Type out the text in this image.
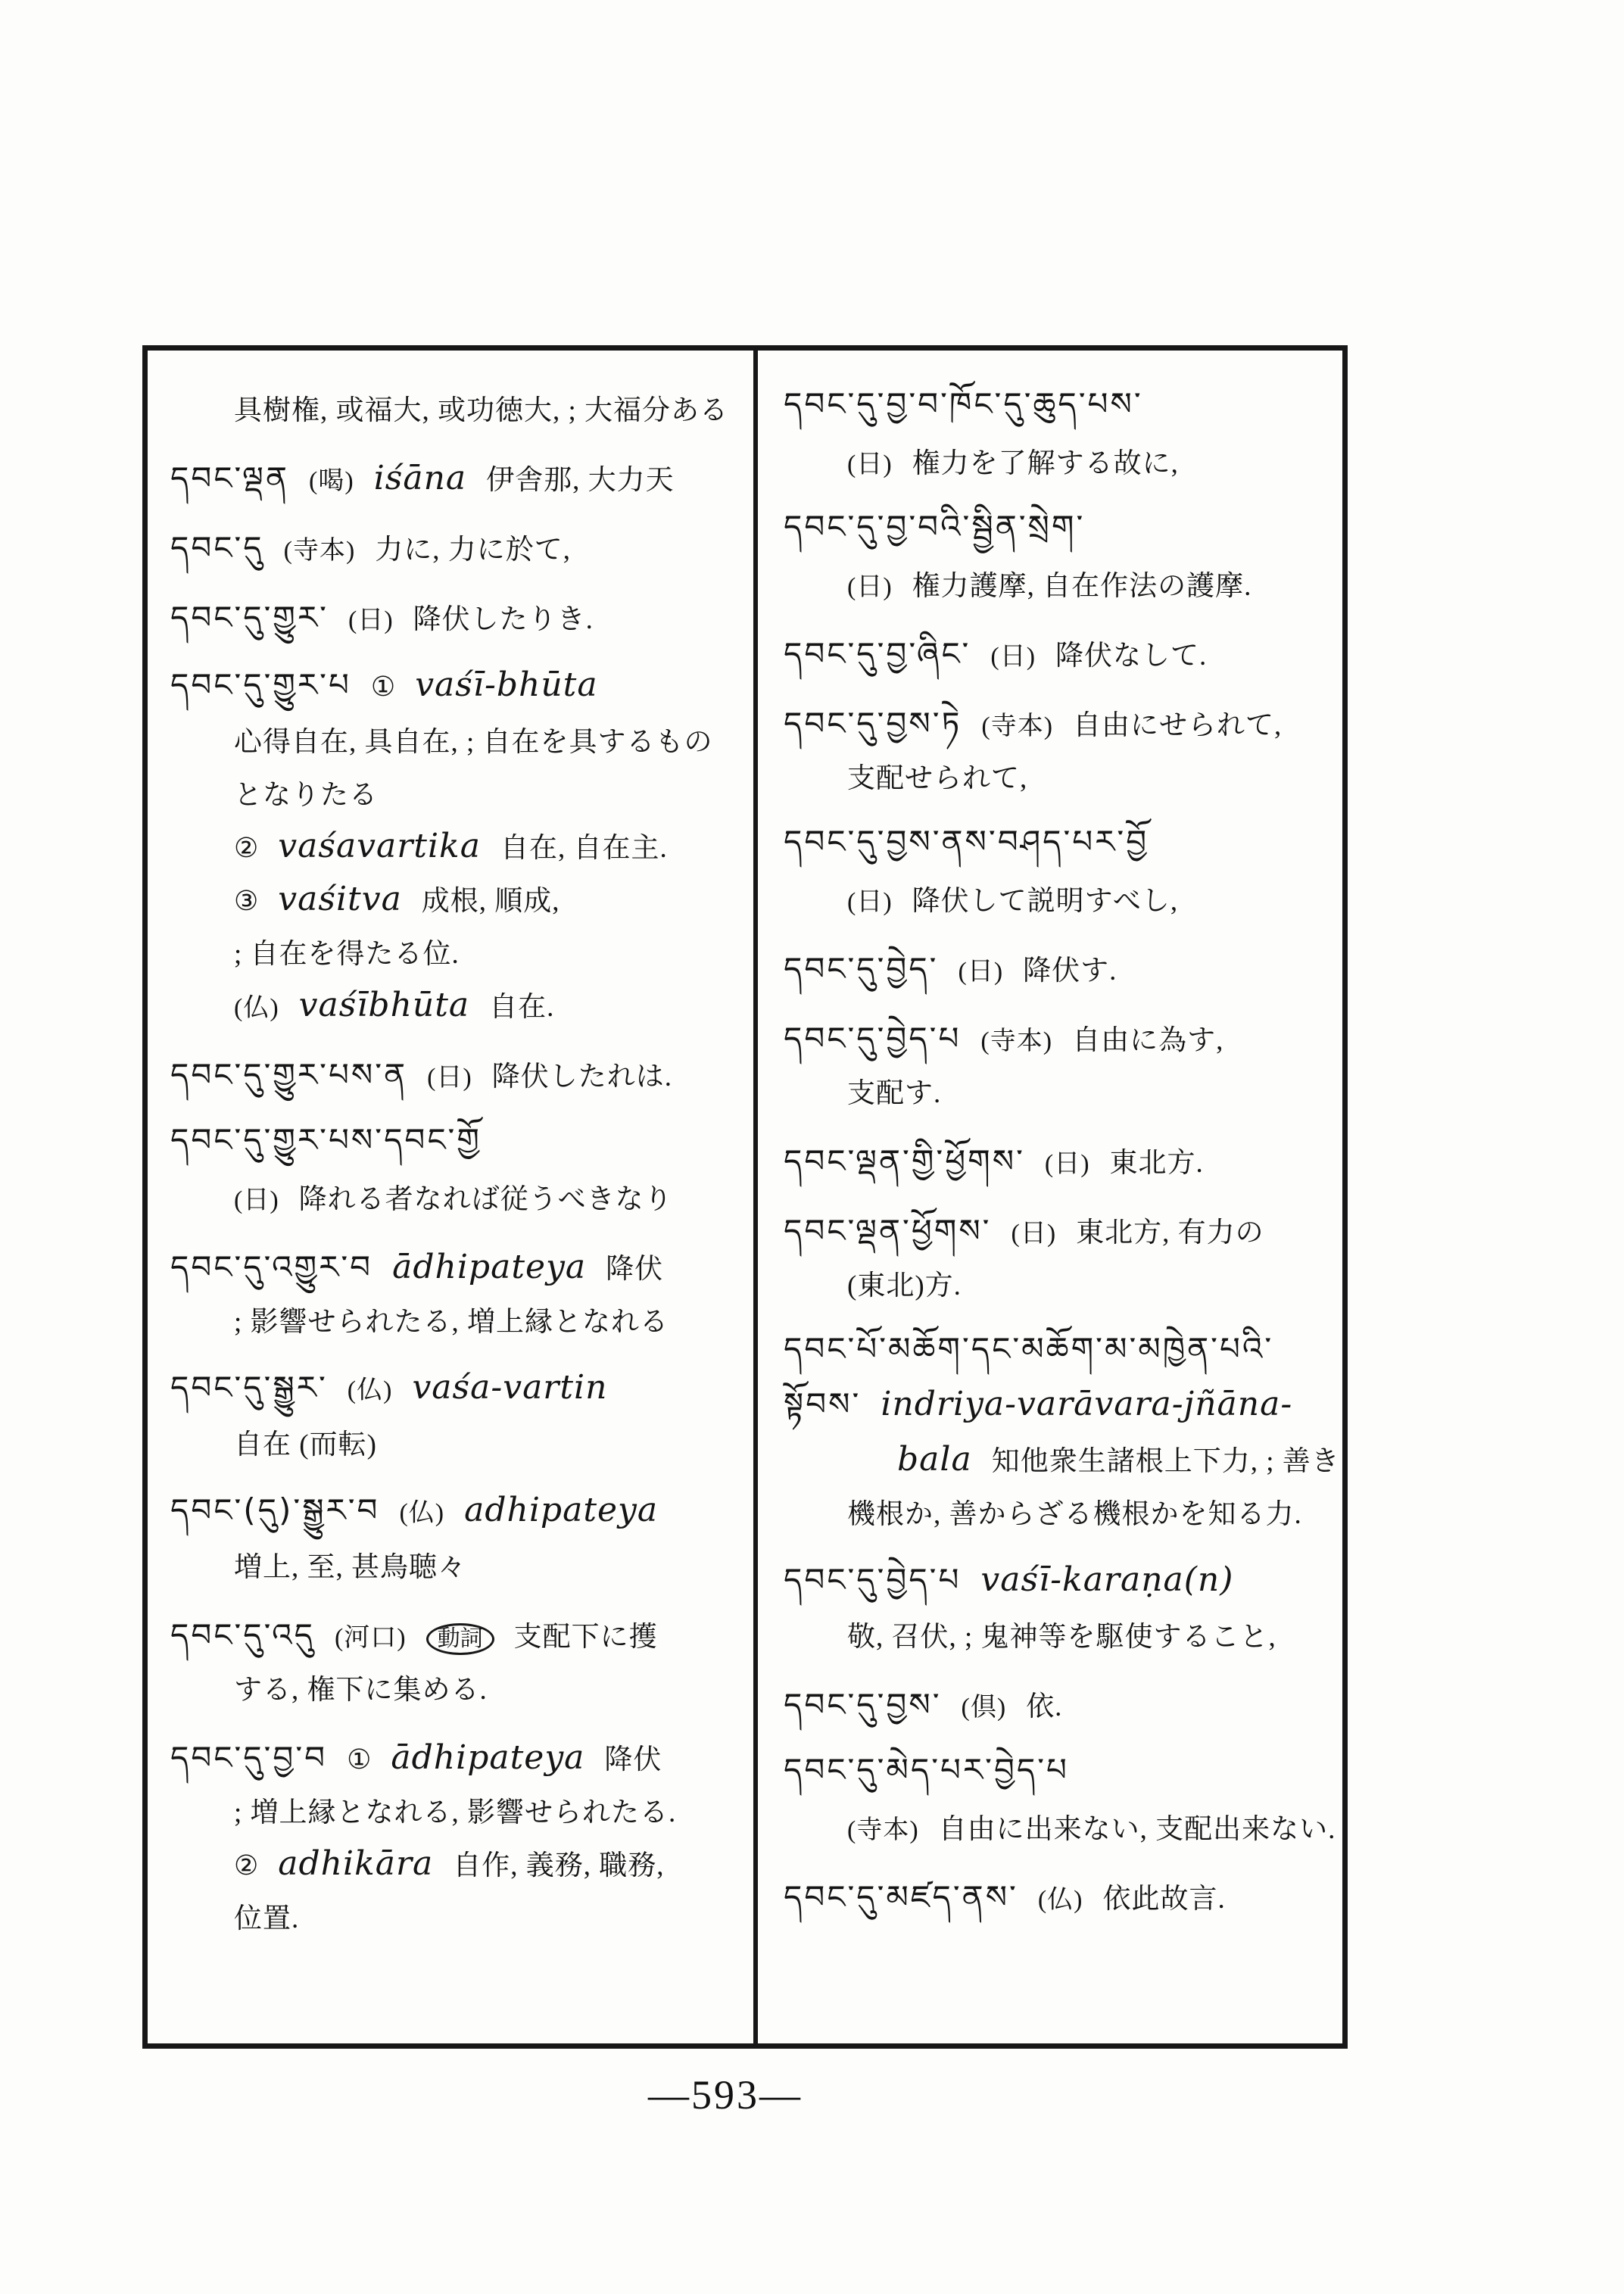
具樹権, 或福大, 或功徳大, ; 大福分ある
དབང་ལྡན (喝) iśāna 伊舎那, 大力天
དབང་དུ (寺本) 力に, 力に於て,
དབང་དུ་གྱུར་ (日) 降伏したりき.
དབང་དུ་གྱུར་པ ① vaśī-bhūta
心得自在, 具自在, ; 自在を具するもの
となりたる
② vaśavartika 自在, 自在主.
③ vaśitva 成根, 順成,
; 自在を得たる位.
(仏) vaśībhūta 自在.
དབང་དུ་གྱུར་པས་ན (日) 降伏したれは.
དབང་དུ་གྱུར་པས་དབང་གྱོ
(日) 降れる者なれば従うべきなり
དབང་དུ་འགྱུར་བ ādhipateya 降伏
; 影響せられたる, 増上縁となれる
དབང་དུ་སྒྱུར་ (仏) vaśa-vartin
自在 (而転)
དབང་(དུ)་སྒྱུར་བ (仏) adhipateya
増上, 至, 甚鳥聴々
དབང་དུ་འདུ (河口)	動詞	支配下に擭
する, 権下に集める.
དབང་དུ་བྱ་བ ① ādhipateya 降伏
; 増上縁となれる, 影響せられたる.
② adhikāra 自作, 義務, 職務,
位置.
དབང་དུ་བྱ་བ་ཁོང་དུ་ཆུད་པས་
(日) 権力を了解する故に,
དབང་དུ་བྱ་བའི་སྦྱིན་སྲེག་
(日) 権力護摩, 自在作法の護摩.
དབང་དུ་བྱ་ཞིང་ (日) 降伏なして.
དབང་དུ་བྱས་ཏེ (寺本) 自由にせられて,
支配せられて,
དབང་དུ་བྱས་ནས་བཤད་པར་བྱོ
(日) 降伏して説明すべし,
དབང་དུ་བྱེད་ (日) 降伏す.
དབང་དུ་བྱེད་པ (寺本) 自由に為す,
支配す.
དབང་ལྡན་གྱི་ཕྱོགས་ (日) 東北方.
དབང་ལྡན་ཕྱོགས་ (日) 東北方, 有力の
(東北)方.
དབང་པོ་མཆོག་དང་མཆོག་མ་མཁྱེན་པའི་
སྟོབས་ indriya-varāvara-jñāna-
bala 知他衆生諸根上下力, ; 善き
機根か, 善からざる機根かを知る力.
དབང་དུ་བྱེད་པ vaśī-karaṇa(n)
敬, 召伏, ; 鬼神等を駆使すること,
དབང་དུ་བྱས་ (倶) 依.
དབང་དུ་མེད་པར་བྱེད་པ
(寺本) 自由に出来ない, 支配出来ない.
དབང་དུ་མཛད་ནས་ (仏) 依此故言.
—593—
